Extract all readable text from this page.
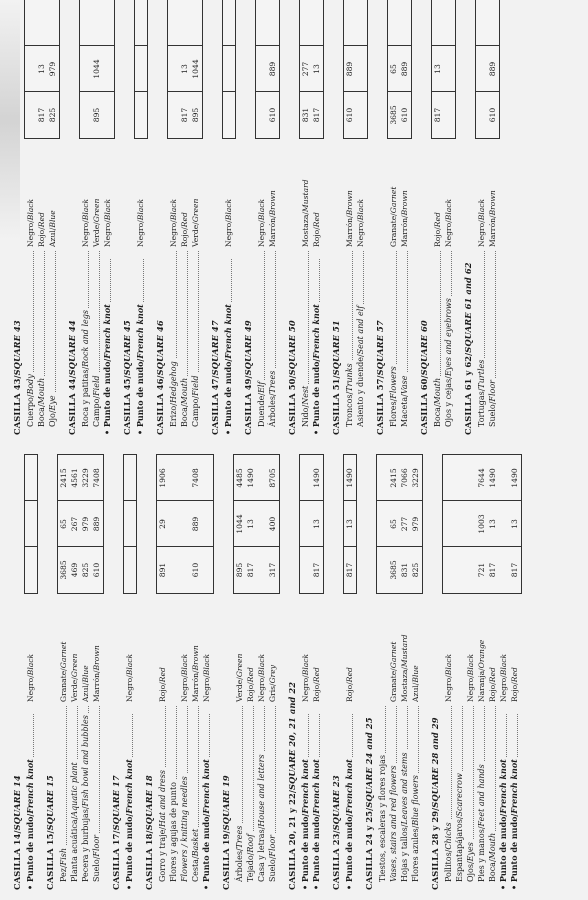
CASILLA 14/SQUARE 14
• Punto de nudo/French knot
Negro/Black
CASILLA 15/SQUARE 15
Pez/Fish
Granate/Garnet
Planta acuática/Aquatic plant
Verde/Green
Pecera y burbujas/Fish bowl and bubbles
Azul/Blue
Suelo/Floor
Marrón/Brown
3685
65
2415
469
267
4561
825
979
3229
610
889
7408
CASILLA 17/SQUARE 17
• Punto de nudo/French knot
Negro/Black
CASILLA 18/SQUARE 18
Gorro y traje/Hat and dress
Rojo/Red
Flores y agujas de punto Flowers / knitting needles
Negro/Black
Cesta/Basket
Marrón/Brown
• Punto de nudo/French knot
Negro/Black
891
29
1906
610
889
7408
CASILLA 19/SQUARE 19
Árboles/Trees
Verde/Green
Tejado/Roof
Rojo/Red
Casa y letras/House and letters
Negro/Black
Suelo/Floor
Gris/Grey
895
1044
4485
817
13
1490
317
400
8705
CASILLA 20, 21 y 22/SQUARE 20, 21 and 22
• Punto de nudo/French knot
Negro/Black
• Punto de nudo/French knot
Rojo/Red
817
13
1490
CASILLA 23/SQUARE 23
• Punto de nudo/French knot
Rojo/Red
817
13
1490
CASILLA 24 y 25/SQUARE 24 and 25 Tiestos, escaleras y flores rojas Vases, stairs and red flowers
Granate/Garnet
Hojas y tallos/Leaves and stems
Mostaza/Mustard
Flores azules/Blue flowers
Azul/Blue
3685
65
2415
831
277
7066
825
979
3229
CASILLA 28 y 29/SQUARE 28 and 29
Pollitos/Chicks
Negro/Black
Espantapájaros/Scarecrow
Ojos/Eyes
Negro/Black
Pies y manos/Feet and hands
Naranja/Orange
Boca/Mouth
Rojo/Red
• Punto de nudo/French knot
Negro/Black
• Punto de nudo/French knot
Rojo/Red
721
1003
7644
817
13
1490
817
13
1490
CASILLA 43/SQUARE 43
Cuerpo/Body
Negro/Black
Boca/Mouth
Rojo/Red
Ojo/Eye
Azul/Blue
817
13
825
979
CASILLA 44/SQUARE 44
Roca y patitas/Rock and legs
Negro/Black
Campo/Field
Verde/Green
• Punto de nudo/French knot
Negro/Black
895
1044
CASILLA 45/SQUARE 45
• Punto de nudo/French knot
Negro/Black
CASILLA 46/SQUARE 46
Erizo/Hedgehog
Negro/Black
Boca/Mouth
Rojo/Red
Campo/Field
Verde/Green
817
13
895
1044
CASILLA 47/SQUARE 47
• Punto de nudo/French knot
Negro/Black
CASILLA 49/SQUARE 49
Duende/Elf
Negro/Black
Árboles/Trees
Marrón/Brown
610
889
CASILLA 50/SQUARE 50
Nido/Nest
Mostaza/Mustard
• Punto de nudo/French knot
Rojo/Red
831
277
817
13
CASILLA 51/SQUARE 51
Troncos/Trunks
Marrón/Brown
Asiento y duende/Seat and elf
Negro/Black
610
889
CASILLA 57/SQUARE 57
Flores/Flowers
Granate/Garnet
Maceta/Vase
Marrón/Brown
3685
65
610
889
CASILLA 60/SQUARE 60
Boca/Mouth
Rojo/Red
Ojos y cejas/Eyes and eyebrows
Negro/Black
817
13
CASILLA 61 y 62/SQUARE 61 and 62
Tortugas/Turtles
Negro/Black
Suelo/Floor
Marrón/Brown
610
889
